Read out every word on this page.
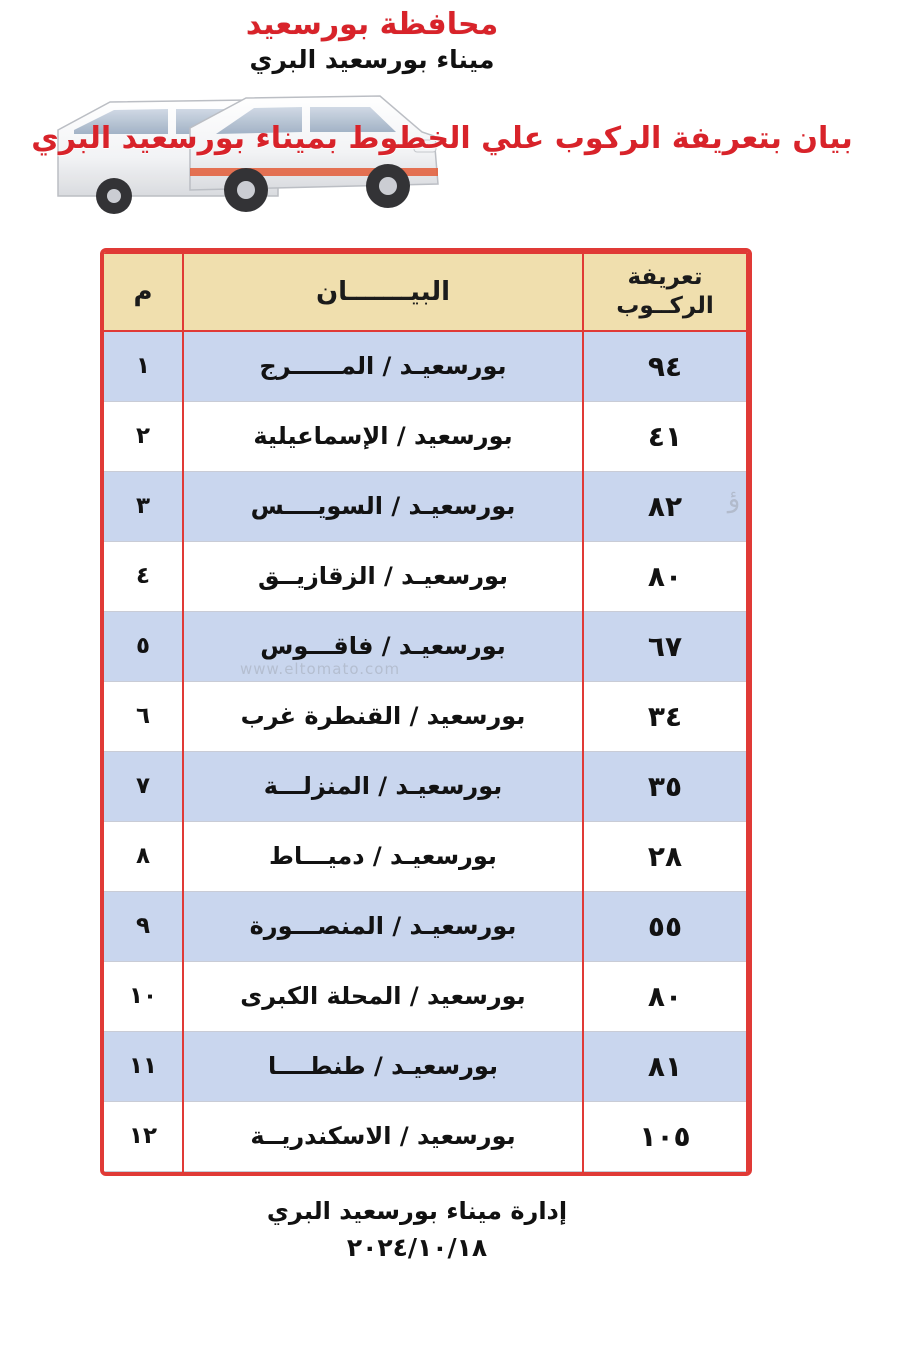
محافظة بورسعيد
ميناء بورسعيد البري
بيان بتعريفة الركوب علي الخطوط بميناء بورسعيد البري
www.eltomato.com
ؤ
تعريفة الركــوب	البيـــــــان	م
٩٤	بورسعيـد / المــــــرج	١
٤١	بورسعيد / الإسماعيلية	٢
٨٢	بورسعيـد / السويــــس	٣
٨٠	بورسعيـد / الزقازيــق	٤
٦٧	بورسعيـد / فاقـــوس	٥
٣٤	بورسعيد / القنطرة غرب	٦
٣٥	بورسعيـد / المنزلـــة	٧
٢٨	بورسعيـد / دميـــاط	٨
٥٥	بورسعيـد / المنصـــورة	٩
٨٠	بورسعيد / المحلة الكبرى	١٠
٨١	بورسعيـد / طنطــــا	١١
١٠٥	بورسعيد / الاسكندريــة	١٢
إدارة ميناء بورسعيد البري
٢٠٢٤/١٠/١٨
